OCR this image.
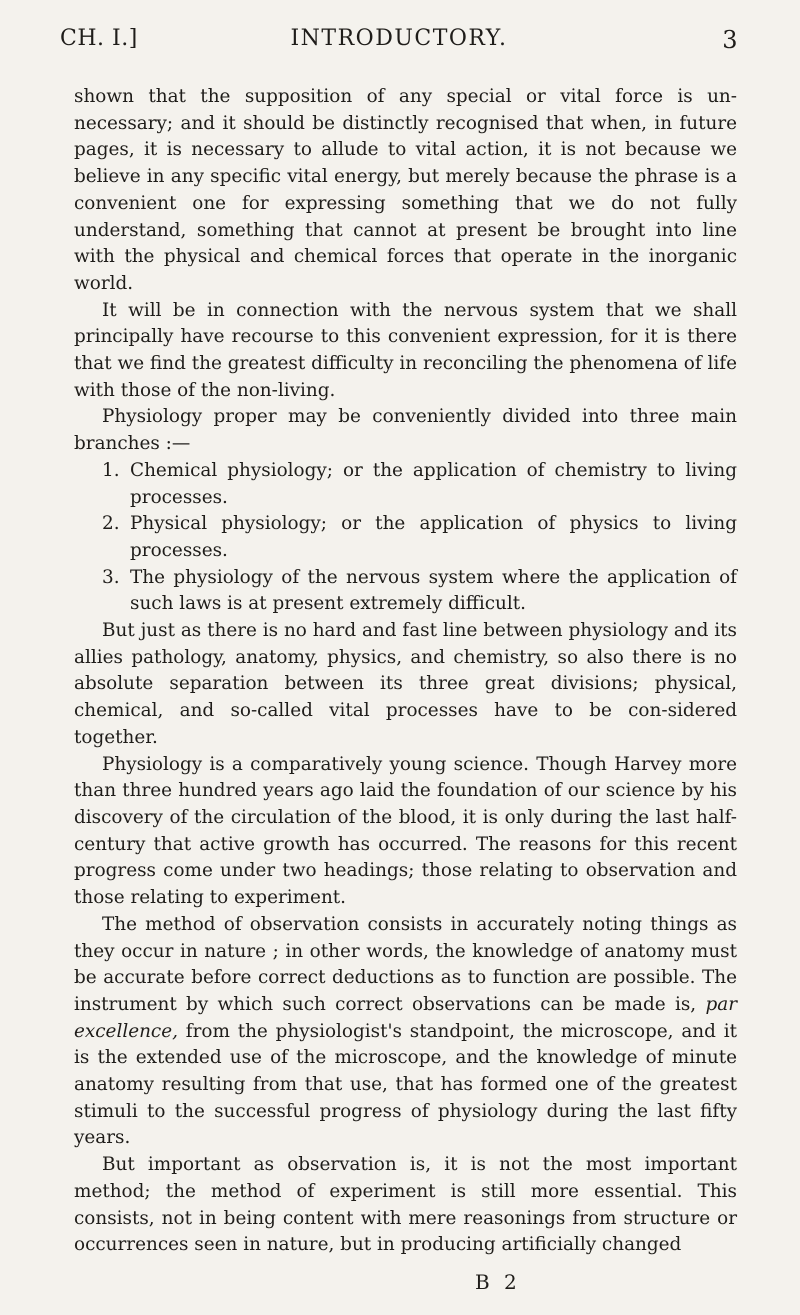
CH. I.]	INTRODUCTORY.	3

shown that the supposition of any special or vital force is un-necessary; and it should be distinctly recognised that when, in future pages, it is necessary to allude to vital action, it is not because we believe in any specific vital energy, but merely because the phrase is a convenient one for expressing something that we do not fully understand, something that cannot at present be brought into line with the physical and chemical forces that operate in the inorganic world.

It will be in connection with the nervous system that we shall principally have recourse to this convenient expression, for it is there that we find the greatest difficulty in reconciling the phenomena of life with those of the non-living.

Physiology proper may be conveniently divided into three main branches :—

1. Chemical physiology; or the application of chemistry to living processes.

2. Physical physiology; or the application of physics to living processes.

3. The physiology of the nervous system where the application of such laws is at present extremely difficult.

But just as there is no hard and fast line between physiology and its allies pathology, anatomy, physics, and chemistry, so also there is no absolute separation between its three great divisions; physical, chemical, and so-called vital processes have to be con-sidered together.

Physiology is a comparatively young science. Though Harvey more than three hundred years ago laid the foundation of our science by his discovery of the circulation of the blood, it is only during the last half-century that active growth has occurred. The reasons for this recent progress come under two headings; those relating to observation and those relating to experiment.

The method of observation consists in accurately noting things as they occur in nature ; in other words, the knowledge of anatomy must be accurate before correct deductions as to function are possible. The instrument by which such correct observations can be made is, par excellence, from the physiologist's standpoint, the microscope, and it is the extended use of the microscope, and the knowledge of minute anatomy resulting from that use, that has formed one of the greatest stimuli to the successful progress of physiology during the last fifty years.

But important as observation is, it is not the most important method; the method of experiment is still more essential. This consists, not in being content with mere reasonings from structure or occurrences seen in nature, but in producing artificially changed

B 2
